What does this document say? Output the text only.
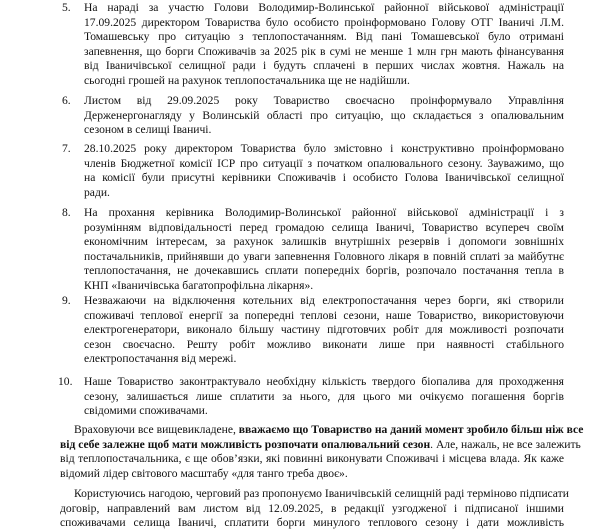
5. На нараді за участю Голови Володимир-Волинської районної військової адміністрації
17.09.2025 директором Товариства було особисто проінформовано Голову ОТГ Іваничі Л.М.
Томашевську про ситуацію з теплопостачанням. Від пані Томашевської було отримані
запевнення, що борги Споживачів за 2025 рік в сумі не менше 1 млн грн мають фінансування
від Іваничівської селищної ради і будуть сплачені в перших числах жовтня. Нажаль на
сьогодні грошей на рахунок теплопостачальника ще не надійшли.
6. Листом від 29.09.2025 року Товариство своєчасно проінформувало Управління
Держенергонагляду у Волинській області про ситуацію, що складається з опалювальним
сезоном в селищі Іваничі.
7. 28.10.2025 року директором Товариства було змістовно і конструктивно проінформовано
членів Бюджетної комісії ІСР про ситуації з початком опалювального сезону. Зауважимо, що
на комісії були присутні керівники Споживачів і особисто Голова Іваничівської селищної
ради.
8. На прохання керівника Володимир-Волинської районної військової адміністрації і з
розумінням відповідальності перед громадою селища Іваничі, Товариство всупереч своїм
економічним інтересам, за рахунок залишків внутрішніх резервів і допомоги зовнішніх
постачальників, прийнявши до уваги запевнення Головного лікаря в повній сплаті за майбутнє
теплопостачання, не дочекавшись сплати попередніх боргів, розпочало постачання тепла в
КНП «Іваничівська багатопрофільна лікарня».
9. Незважаючи на відключення котельних від електропостачання через борги, які створили
споживачі теплової енергії за попередні теплові сезони, наше Товариство, використовуючи
електрогенератори, виконало більшу частину підготовчих робіт для можливості розпочати
сезон своєчасно. Решту робіт можливо виконати лише при наявності стабільного
електропостачання від мережі.
10. Наше Товариство законтрактувало необхідну кількість твердого біопалива для проходження
сезону, залишається лише сплатити за нього, для цього ми очікуємо погашення боргів
свідомими споживачами.
Враховуючи все вищевикладене, вважаємо що Товариство на даний момент зробило більш ніж все
від себе залежне щоб мати можливість розпочати опалювальний сезон. Але, нажаль, не все залежить
від теплопостачальника, є ще обов’язки, які повинні виконувати Споживачі і місцева влада. Як каже
відомий лідер світового масштабу «для танго треба двоє».
Користуючись нагодою, черговий раз пропонуємо Іваничівській селищній раді терміново підписати
договір, направлений вам листом від 12.09.2025, в редакції узгодженої і підписаної іншими
споживачами селища Іваничі, сплатити борги минулого теплового сезону і дати можливість
